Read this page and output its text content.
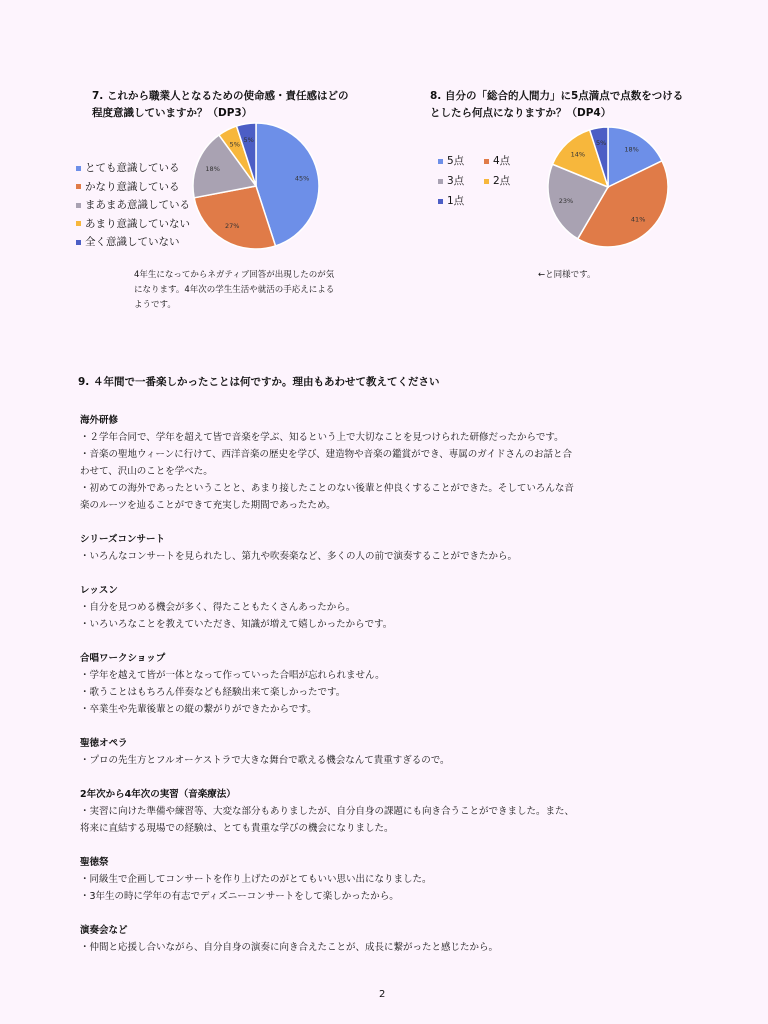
7. これから職業人となるための使命感・責任感はどの

程度意識していますか？（DP3）

とても意識している
かなり意識している
まあまあ意識している
あまり意識していない
全く意識していない
45%
27%
18%
5%
5%

4年生になってからネガティブ回答が出現したのが気

になります。4年次の学生生活や就活の手応えによる

ようです。

8. 自分の「総合的人間力」に5点満点で点数をつける

としたら何点になりますか？（DP4）

5点	4点
3点	2点
1点
18%
41%
23%
14%
5%

←と同様です。

9. ４年間で一番楽しかったことは何ですか。理由もあわせて教えてください

海外研修

・２学年合同で、学年を超えて皆で音楽を学ぶ、知るという上で大切なことを見つけられた研修だったからです。

・音楽の聖地ウィーンに行けて、西洋音楽の歴史を学び、建造物や音楽の鑑賞ができ、専属のガイドさんのお話と合

わせて、沢山のことを学べた。

・初めての海外であったということと、あまり接したことのない後輩と仲良くすることができた。そしていろんな音

楽のルーツを辿ることができて充実した期間であったため。

シリーズコンサート

・いろんなコンサートを見られたし、第九や吹奏楽など、多くの人の前で演奏することができたから。

レッスン

・自分を見つめる機会が多く、得たこともたくさんあったから。

・いろいろなことを教えていただき、知識が増えて嬉しかったからです。

合唱ワークショップ

・学年を越えて皆が一体となって作っていった合唱が忘れられません。

・歌うことはもちろん伴奏なども経験出来て楽しかったです。

・卒業生や先輩後輩との縦の繋がりができたからです。

聖徳オペラ

・プロの先生方とフルオーケストラで大きな舞台で歌える機会なんて貴重すぎるので。

2年次から4年次の実習（音楽療法）

・実習に向けた準備や練習等、大変な部分もありましたが、自分自身の課題にも向き合うことができました。また、

将来に直結する現場での経験は、とても貴重な学びの機会になりました。

聖徳祭

・同級生で企画してコンサートを作り上げたのがとてもいい思い出になりました。

・3年生の時に学年の有志でディズニーコンサートをして楽しかったから。

演奏会など

・仲間と応援し合いながら、自分自身の演奏に向き合えたことが、成長に繋がったと感じたから。

2
